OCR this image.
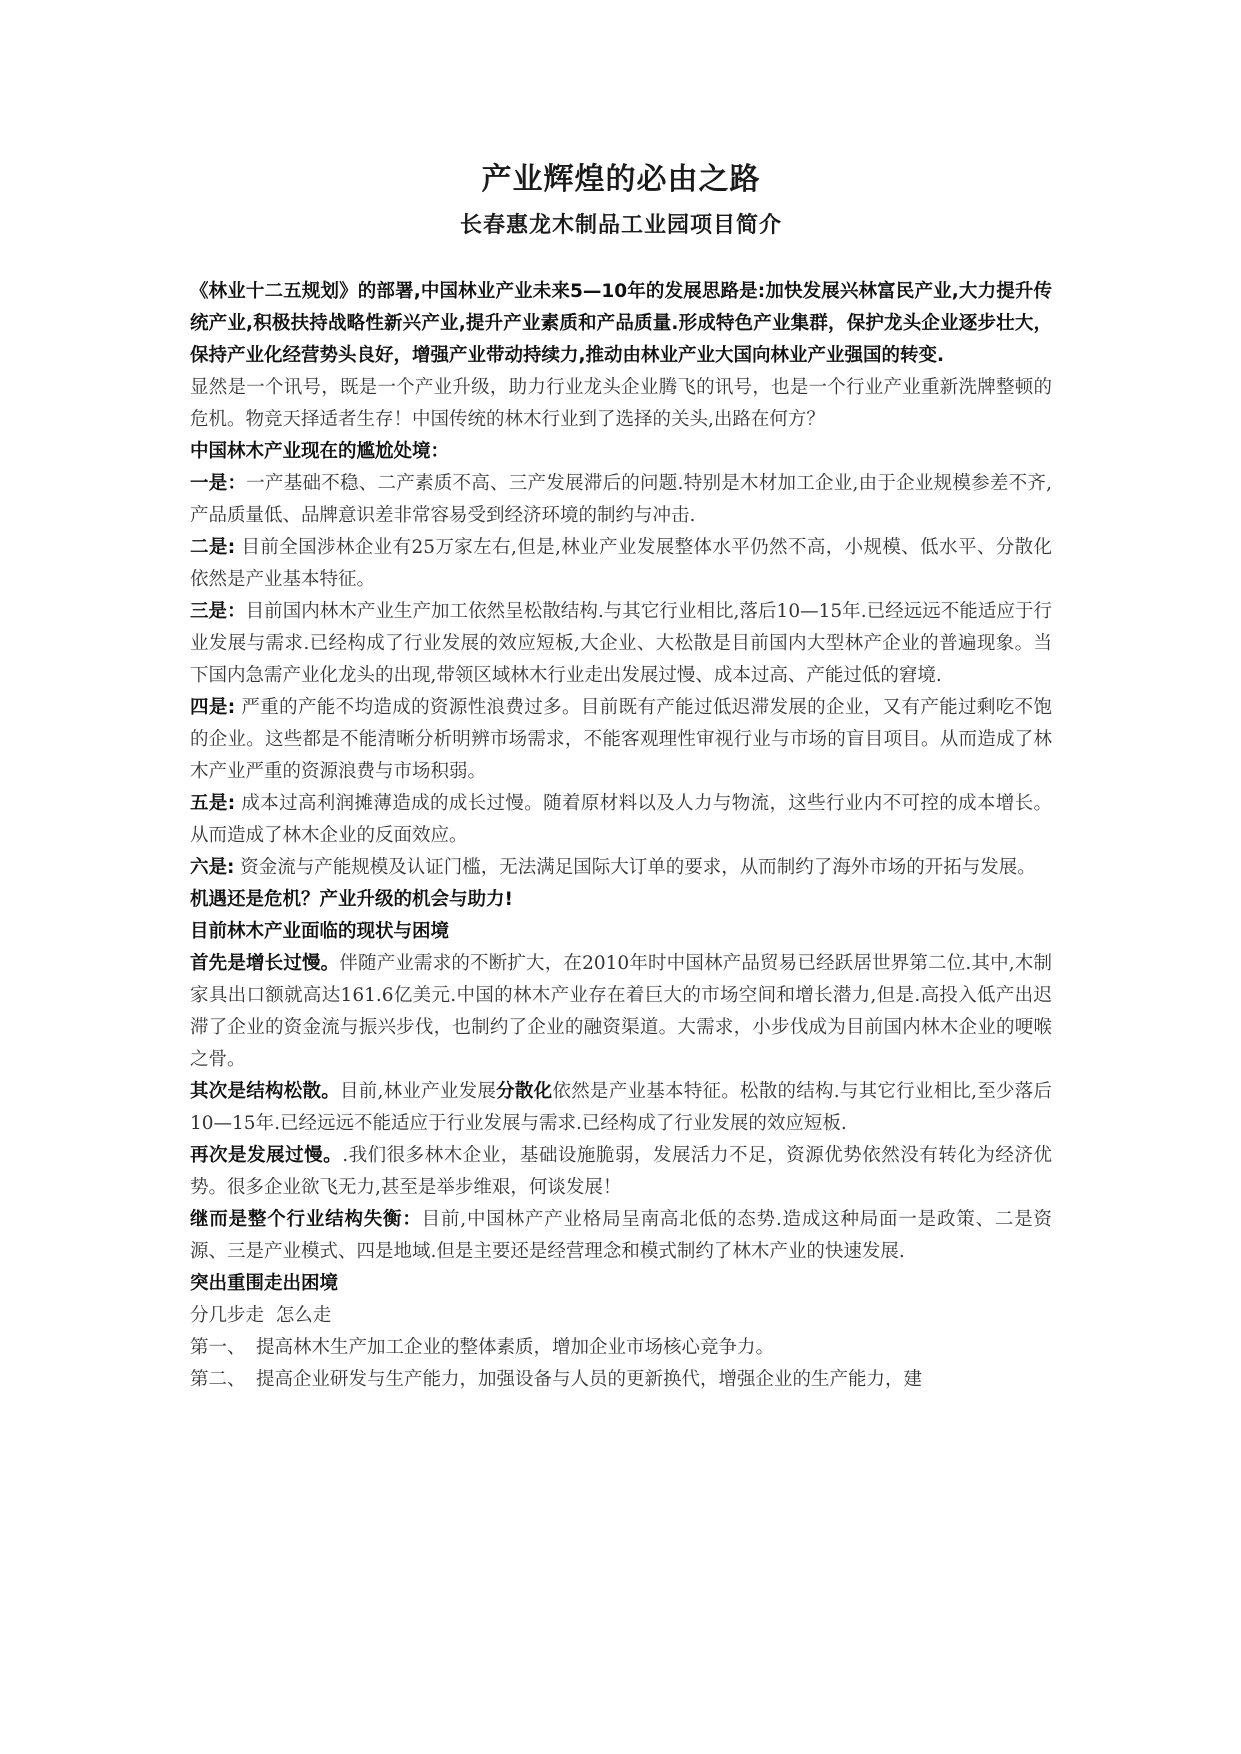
产业辉煌的必由之路
长春惠龙木制品工业园项目简介

《林业十二五规划》的部署,中国林业产业未来5—10年的发展思路是:加快发展兴林富民产业,大力提升传统产业,积极扶持战略性新兴产业,提升产业素质和产品质量.形成特色产业集群，保护龙头企业逐步壮大，保持产业化经营势头良好，增强产业带动持续力,推动由林业产业大国向林业产业强国的转变.

显然是一个讯号，既是一个产业升级，助力行业龙头企业腾飞的讯号，也是一个行业产业重新洗牌整顿的危机。物竞天择适者生存！中国传统的林木行业到了选择的关头,出路在何方？

中国林木产业现在的尴尬处境：

一是：一产基础不稳、二产素质不高、三产发展滞后的问题.特别是木材加工企业,由于企业规模参差不齐,产品质量低、品牌意识差非常容易受到经济环境的制约与冲击.

二是: 目前全国涉林企业有25万家左右,但是,林业产业发展整体水平仍然不高，小规模、低水平、分散化依然是产业基本特征。

三是：目前国内林木产业生产加工依然呈松散结构.与其它行业相比,落后10—15年.已经远远不能适应于行业发展与需求.已经构成了行业发展的效应短板,大企业、大松散是目前国内大型林产企业的普遍现象。当下国内急需产业化龙头的出现,带领区域林木行业走出发展过慢、成本过高、产能过低的窘境.

四是: 严重的产能不均造成的资源性浪费过多。目前既有产能过低迟滞发展的企业，又有产能过剩吃不饱的企业。这些都是不能清晰分析明辨市场需求，不能客观理性审视行业与市场的盲目项目。从而造成了林木产业严重的资源浪费与市场积弱。

五是: 成本过高利润摊薄造成的成长过慢。随着原材料以及人力与物流，这些行业内不可控的成本增长。从而造成了林木企业的反面效应。

六是: 资金流与产能规模及认证门槛，无法满足国际大订单的要求，从而制约了海外市场的开拓与发展。

机遇还是危机？产业升级的机会与助力!

目前林木产业面临的现状与困境

首先是增长过慢。伴随产业需求的不断扩大，在2010年时中国林产品贸易已经跃居世界第二位.其中,木制家具出口额就高达161.6亿美元.中国的林木产业存在着巨大的市场空间和增长潜力,但是.高投入低产出迟滞了企业的资金流与振兴步伐，也制约了企业的融资渠道。大需求，小步伐成为目前国内林木企业的哽喉之骨。

其次是结构松散。目前,林业产业发展分散化依然是产业基本特征。松散的结构.与其它行业相比,至少落后10—15年.已经远远不能适应于行业发展与需求.已经构成了行业发展的效应短板.

再次是发展过慢。.我们很多林木企业，基础设施脆弱，发展活力不足，资源优势依然没有转化为经济优势。很多企业欲飞无力,甚至是举步维艰，何谈发展！

继而是整个行业结构失衡：目前,中国林产产业格局呈南高北低的态势.造成这种局面一是政策、二是资源、三是产业模式、四是地域.但是主要还是经营理念和模式制约了林木产业的快速发展.

突出重围走出困境

分几步走  怎么走

第一、 提高林木生产加工企业的整体素质，增加企业市场核心竞争力。
第二、 提高企业研发与生产能力，加强设备与人员的更新换代，增强企业的生产能力，建
